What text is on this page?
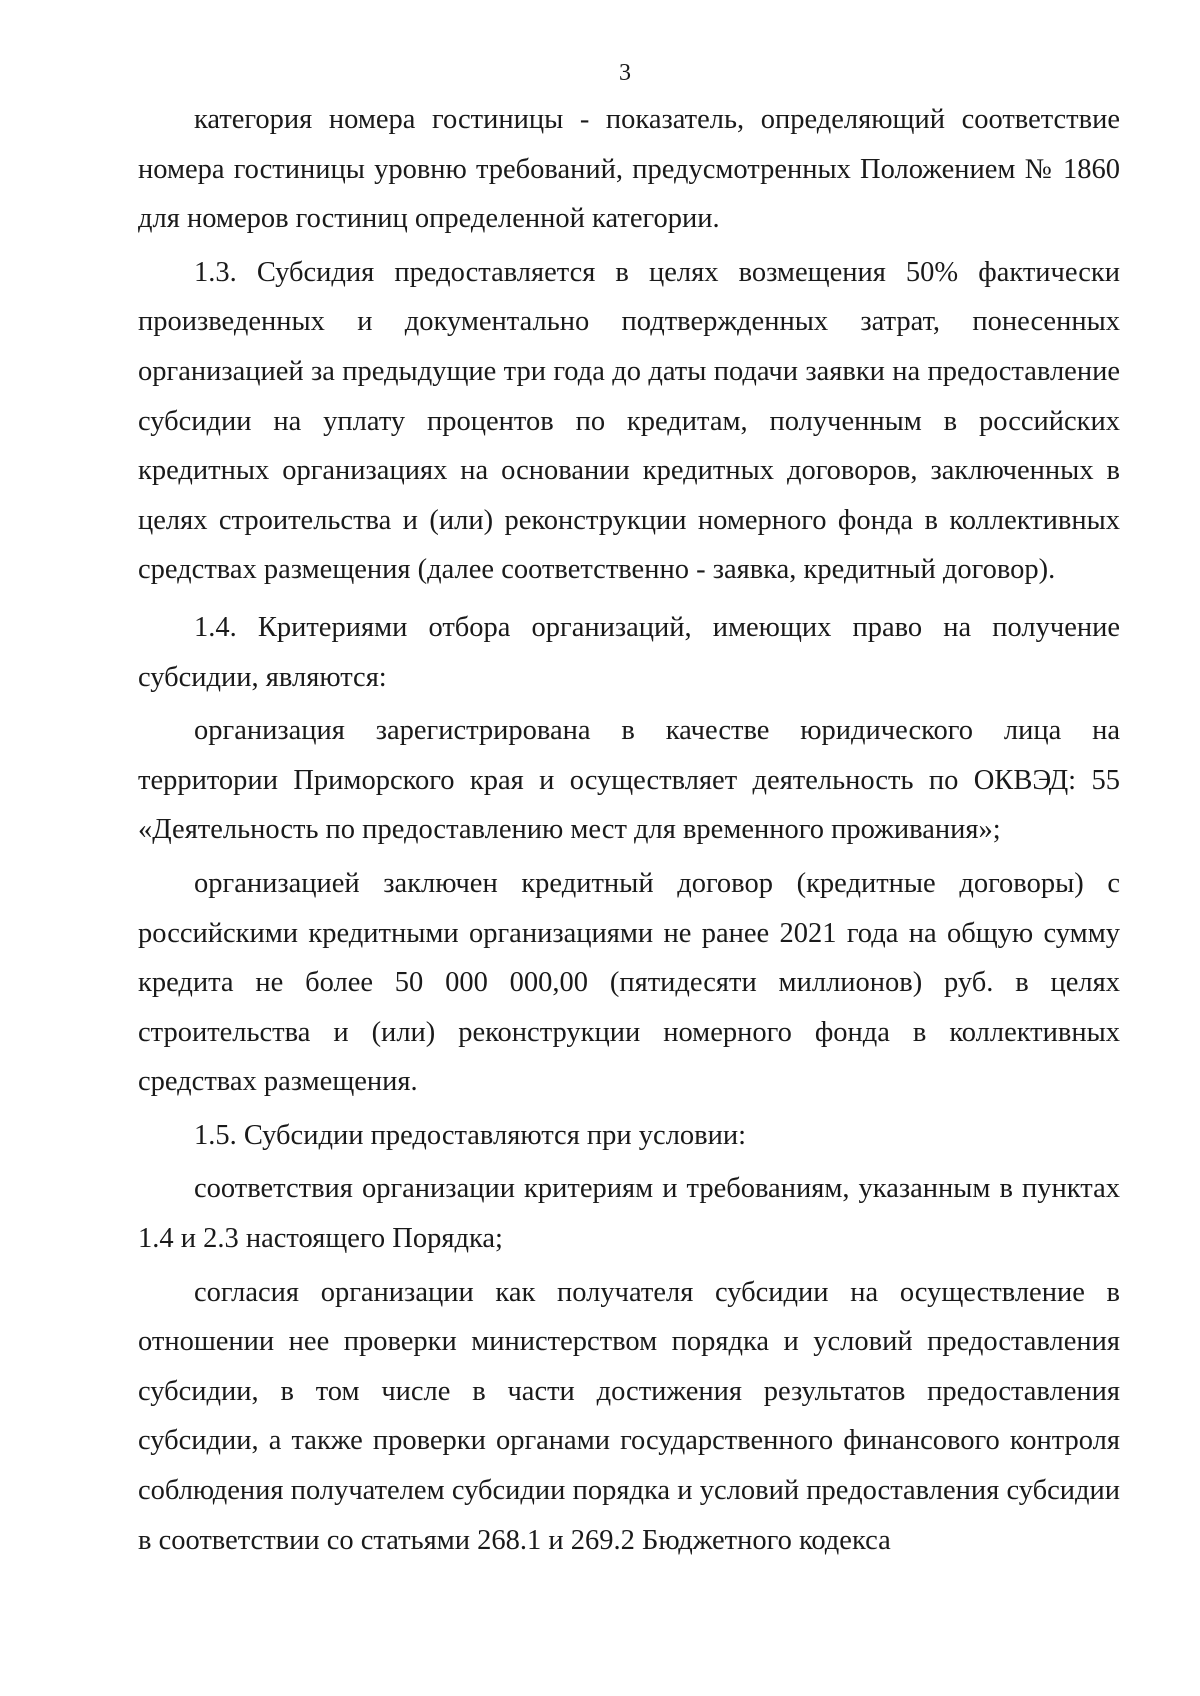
3

категория номера гостиницы - показатель, определяющий соответствие номера гостиницы уровню требований, предусмотренных Положением № 1860 для номеров гостиниц определенной категории.

1.3. Субсидия предоставляется в целях возмещения 50% фактически произведенных и документально подтвержденных затрат, понесенных организацией за предыдущие три года до даты подачи заявки на предоставление субсидии на уплату процентов по кредитам, полученным в российских кредитных организациях на основании кредитных договоров, заключенных в целях строительства и (или) реконструкции номерного фонда в коллективных средствах размещения (далее соответственно - заявка, кредитный договор).

1.4. Критериями отбора организаций, имеющих право на получение субсидии, являются:

организация зарегистрирована в качестве юридического лица на территории Приморского края и осуществляет деятельность по ОКВЭД: 55 «Деятельность по предоставлению мест для временного проживания»;

организацией заключен кредитный договор (кредитные договоры) с российскими кредитными организациями не ранее 2021 года на общую сумму кредита не более 50 000 000,00 (пятидесяти миллионов) руб. в целях строительства и (или) реконструкции номерного фонда в коллективных средствах размещения.

1.5. Субсидии предоставляются при условии:

соответствия организации критериям и требованиям, указанным в пунктах 1.4 и 2.3 настоящего Порядка;

согласия организации как получателя субсидии на осуществление в отношении нее проверки министерством порядка и условий предоставления субсидии, в том числе в части достижения результатов предоставления субсидии, а также проверки органами государственного финансового контроля соблюдения получателем субсидии порядка и условий предоставления субсидии в соответствии со статьями 268.1 и 269.2 Бюджетного кодекса
